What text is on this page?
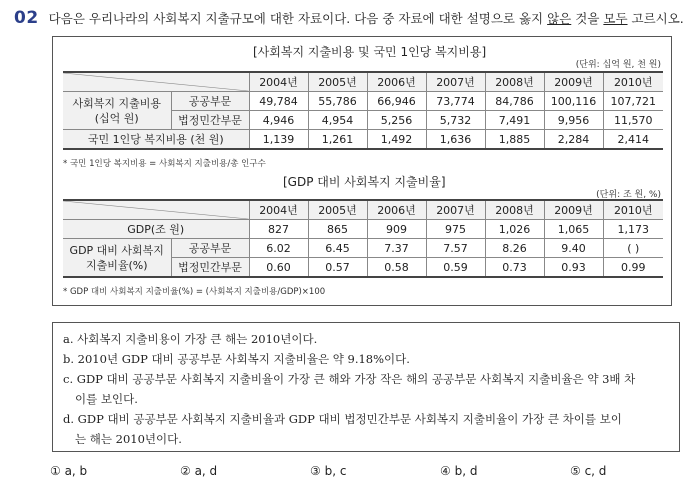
02 다음은 우리나라의 사회복지 지출규모에 대한 자료이다. 다음 중 자료에 대한 설명으로 옳지 않은 것을 모두 고르시오.
[사회복지 지출비용 및 국민 1인당 복지비용]
(단위: 십억 원, 천 원)
	2004년	2005년	2006년	2007년	2008년	2009년	2010년
사회복지 지출비용
(십억 원)	공공부문	49,784	55,786	66,946	73,774	84,786	100,116	107,721
	법정민간부문	4,946	4,954	5,256	5,732	7,491	9,956	11,570
국민 1인당 복지비용 (천 원)		1,139	1,261	1,492	1,636	1,885	2,284	2,414
* 국민 1인당 복지비용 = 사회복지 지출비용/총 인구수
[GDP 대비 사회복지 지출비율]
(단위: 조 원, %)
	2004년	2005년	2006년	2007년	2008년	2009년	2010년
GDP(조 원)		827	865	909	975	1,026	1,065	1,173
GDP 대비 사회복지
지출비율(%)	공공부문	6.02	6.45	7.37	7.57	8.26	9.40	( )
	법정민간부문	0.60	0.57	0.58	0.59	0.73	0.93	0.99
* GDP 대비 사회복지 지출비율(%) = (사회복지 지출비용/GDP)×100
a. 사회복지 지출비용이 가장 큰 해는 2010년이다.
b. 2010년 GDP 대비 공공부문 사회복지 지출비율은 약 9.18%이다.
c. GDP 대비 공공부문 사회복지 지출비율이 가장 큰 해와 가장 작은 해의 공공부문 사회복지 지출비율은 약 3배 차
이를 보인다.
d. GDP 대비 공공부문 사회복지 지출비율과 GDP 대비 법정민간부문 사회복지 지출비율이 가장 큰 차이를 보이
는 해는 2010년이다.
① a, b	② a, d	③ b, c	④ b, d	⑤ c, d
